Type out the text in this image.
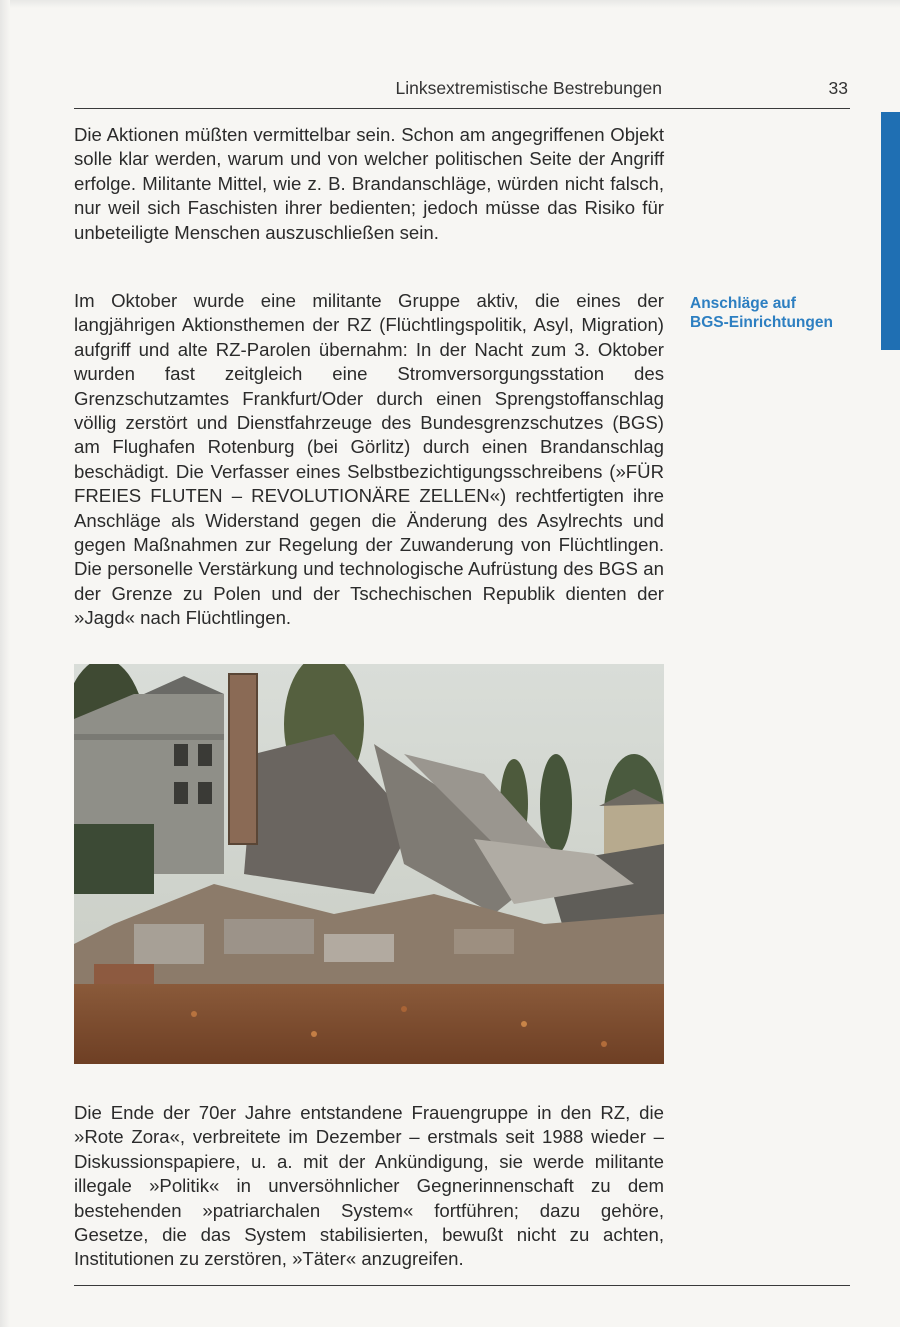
Linksextremistische Bestrebungen	33

Die Aktionen müßten vermittelbar sein. Schon am angegriffenen Objekt solle klar werden, warum und von welcher politischen Seite der Angriff erfolge. Militante Mittel, wie z. B. Brandanschläge, würden nicht falsch, nur weil sich Faschisten ihrer bedienten; jedoch müsse das Risiko für unbeteiligte Menschen auszuschließen sein.

Im Oktober wurde eine militante Gruppe aktiv, die eines der langjährigen Aktionsthemen der RZ (Flüchtlingspolitik, Asyl, Migration) aufgriff und alte RZ-Parolen übernahm: In der Nacht zum 3. Oktober wurden fast zeitgleich eine Stromversorgungsstation des Grenzschutzamtes Frankfurt/Oder durch einen Sprengstoffanschlag völlig zerstört und Dienstfahrzeuge des Bundesgrenzschutzes (BGS) am Flughafen Rotenburg (bei Görlitz) durch einen Brandanschlag beschädigt. Die Verfasser eines Selbstbezichtigungsschreibens (»FÜR FREIES FLUTEN – REVOLUTIONÄRE ZELLEN«) rechtfertigten ihre Anschläge als Widerstand gegen die Änderung des Asylrechts und gegen Maßnahmen zur Regelung der Zuwanderung von Flüchtlingen. Die personelle Verstärkung und technologische Aufrüstung des BGS an der Grenze zu Polen und der Tschechischen Republik dienten der »Jagd« nach Flüchtlingen.

Anschläge auf
BGS-Einrichtungen

Die Ende der 70er Jahre entstandene Frauengruppe in den RZ, die »Rote Zora«, verbreitete im Dezember – erstmals seit 1988 wieder – Diskussionspapiere, u. a. mit der Ankündigung, sie werde militante illegale »Politik« in unversöhnlicher Gegnerinnenschaft zu dem bestehenden »patriarchalen System« fortführen; dazu gehöre, Gesetze, die das System stabilisierten, bewußt nicht zu achten, Institutionen zu zerstören, »Täter« anzugreifen.
